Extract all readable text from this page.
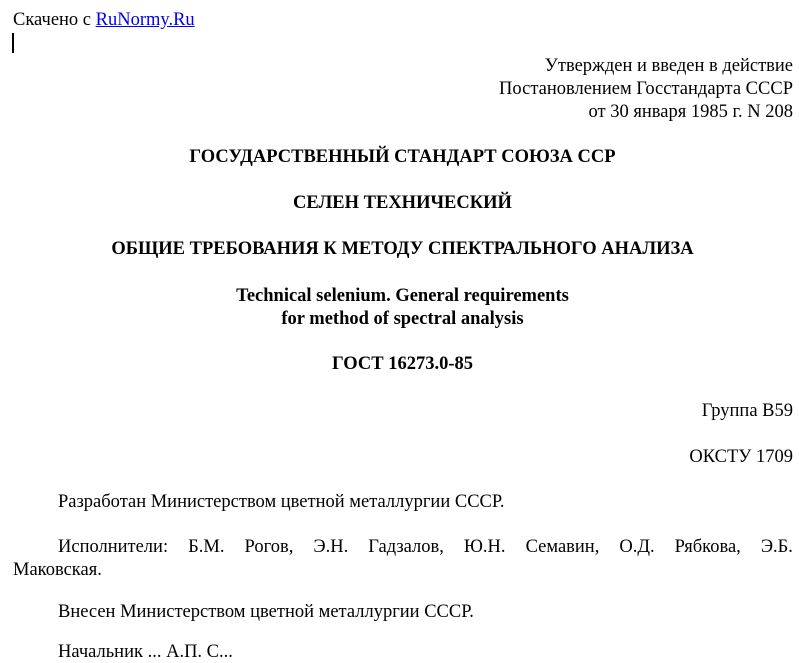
Скачено с RuNormy.Ru
Утвержден и введен в действие
Постановлением Госстандарта СССР
от 30 января 1985 г. N 208
ГОСУДАРСТВЕННЫЙ СТАНДАРТ СОЮЗА ССР
СЕЛЕН ТЕХНИЧЕСКИЙ
ОБЩИЕ ТРЕБОВАНИЯ К МЕТОДУ СПЕКТРАЛЬНОГО АНАЛИЗА
Technical selenium. General requirements
for method of spectral analysis
ГОСТ 16273.0-85
Группа B59
ОКСТУ 1709
Разработан Министерством цветной металлургии СССР.
Исполнители: Б.М. Рогов, Э.Н. Гадзалов, Ю.Н. Семавин, О.Д. Рябкова, Э.Б.
Маковская.
Внесен Министерством цветной металлургии СССР.
Начальник ... А.П. С...
